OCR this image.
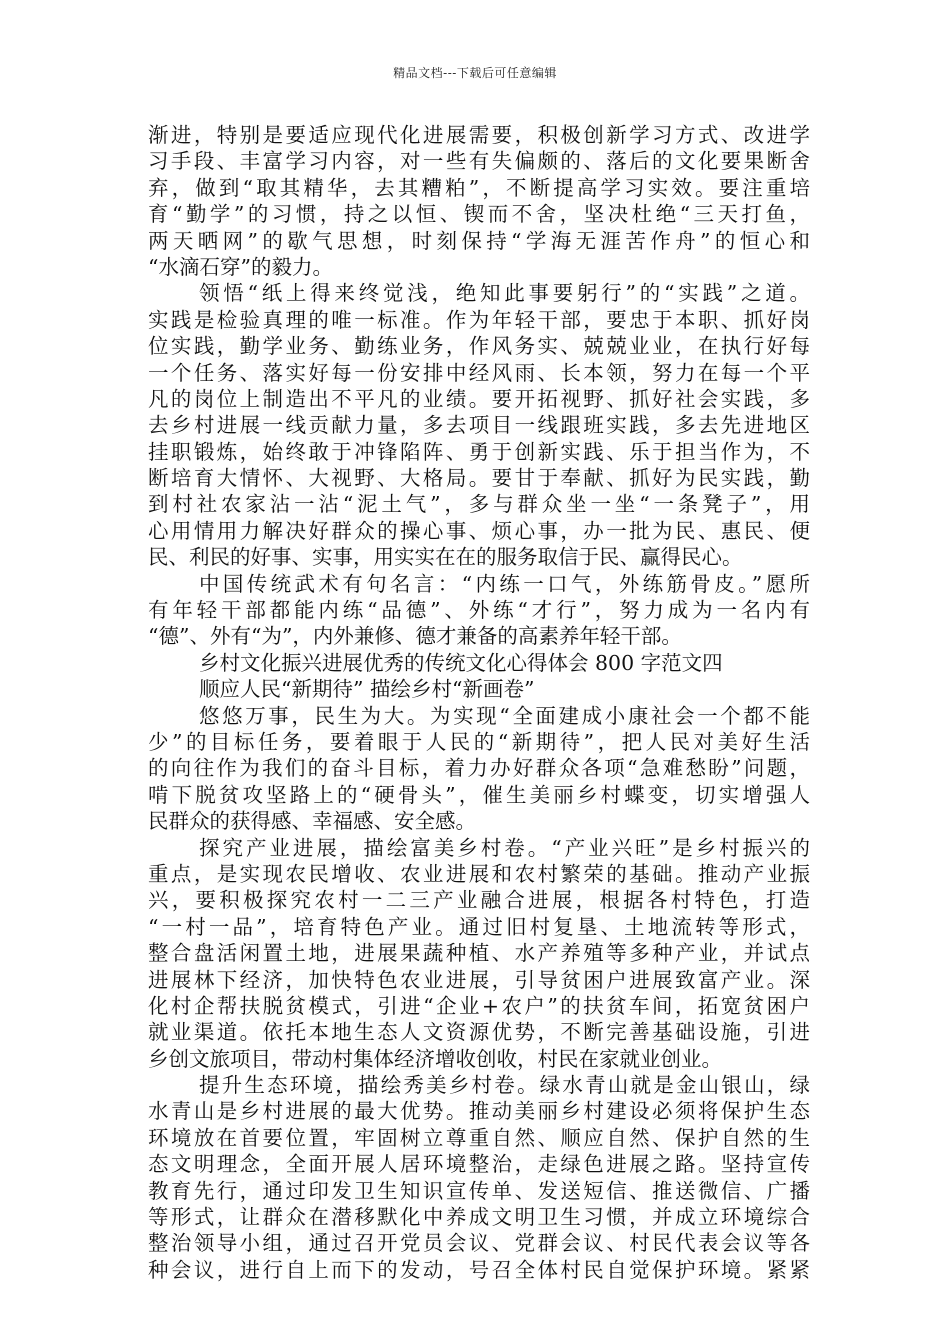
精品文档---下载后可任意编辑
渐进，特别是要适应现代化进展需要，积极创新学习方式、改进学
习手段、丰富学习内容，对一些有失偏颇的、落后的文化要果断舍
弃，做到“取其精华，去其糟粕”，不断提高学习实效。要注重培
育“勤学”的习惯，持之以恒、锲而不舍，坚决杜绝“三天打鱼，
两天晒网”的歇气思想，时刻保持“学海无涯苦作舟”的恒心和
“水滴石穿”的毅力。
领悟“纸上得来终觉浅，绝知此事要躬行”的“实践”之道。
实践是检验真理的唯一标准。作为年轻干部，要忠于本职、抓好岗
位实践，勤学业务、勤练业务，作风务实、兢兢业业，在执行好每
一个任务、落实好每一份安排中经风雨、长本领，努力在每一个平
凡的岗位上制造出不平凡的业绩。要开拓视野、抓好社会实践，多
去乡村进展一线贡献力量，多去项目一线跟班实践，多去先进地区
挂职锻炼，始终敢于冲锋陷阵、勇于创新实践、乐于担当作为，不
断培育大情怀、大视野、大格局。要甘于奉献、抓好为民实践，勤
到村社农家沾一沾“泥土气”，多与群众坐一坐“一条凳子”，用
心用情用力解决好群众的操心事、烦心事，办一批为民、惠民、便
民、利民的好事、实事，用实实在在的服务取信于民、赢得民心。
中国传统武术有句名言：“内练一口气，外练筋骨皮。”愿所
有年轻干部都能内练“品德”、外练“才行”，努力成为一名内有
“德”、外有“为”，内外兼修、德才兼备的高素养年轻干部。
乡村文化振兴进展优秀的传统文化心得体会 800 字范文四
顺应人民“新期待” 描绘乡村“新画卷”
悠悠万事，民生为大。为实现“全面建成小康社会一个都不能
少”的目标任务，要着眼于人民的“新期待”，把人民对美好生活
的向往作为我们的奋斗目标，着力办好群众各项“急难愁盼”问题，
啃下脱贫攻坚路上的“硬骨头”，催生美丽乡村蝶变，切实增强人
民群众的获得感、幸福感、安全感。
探究产业进展，描绘富美乡村卷。“产业兴旺”是乡村振兴的
重点，是实现农民增收、农业进展和农村繁荣的基础。推动产业振
兴，要积极探究农村一二三产业融合进展，根据各村特色，打造
“一村一品”，培育特色产业。通过旧村复垦、土地流转等形式，
整合盘活闲置土地，进展果蔬种植、水产养殖等多种产业，并试点
进展林下经济，加快特色农业进展，引导贫困户进展致富产业。深
化村企帮扶脱贫模式，引进“企业+农户”的扶贫车间，拓宽贫困户
就业渠道。依托本地生态人文资源优势，不断完善基础设施，引进
乡创文旅项目，带动村集体经济增收创收，村民在家就业创业。
提升生态环境，描绘秀美乡村卷。绿水青山就是金山银山，绿
水青山是乡村进展的最大优势。推动美丽乡村建设必须将保护生态
环境放在首要位置，牢固树立尊重自然、顺应自然、保护自然的生
态文明理念，全面开展人居环境整治，走绿色进展之路。坚持宣传
教育先行，通过印发卫生知识宣传单、发送短信、推送微信、广播
等形式，让群众在潜移默化中养成文明卫生习惯，并成立环境综合
整治领导小组，通过召开党员会议、党群会议、村民代表会议等各
种会议，进行自上而下的发动，号召全体村民自觉保护环境。紧紧
